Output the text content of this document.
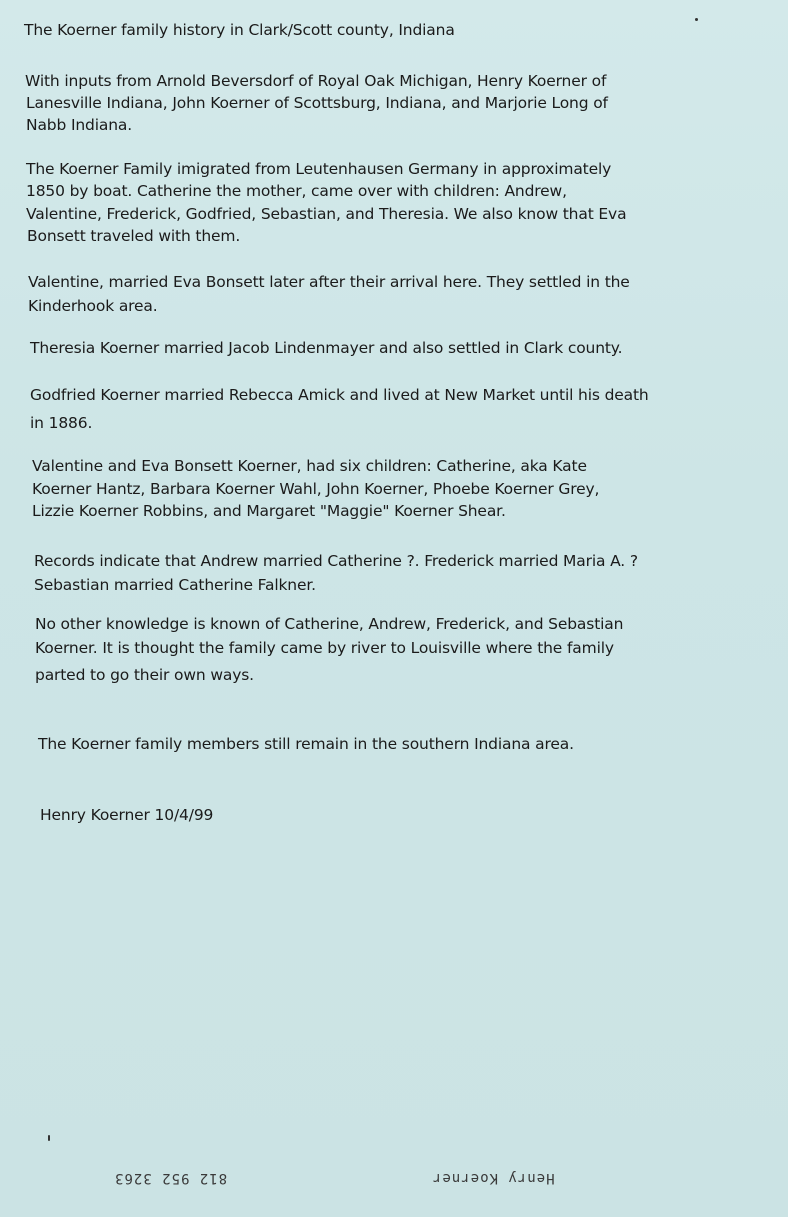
The Koerner family history in Clark/Scott county, Indiana
With inputs from Arnold Beversdorf of Royal Oak Michigan, Henry Koerner of
Lanesville Indiana, John Koerner of Scottsburg, Indiana, and Marjorie Long of
Nabb Indiana.
The Koerner Family imigrated from Leutenhausen Germany in approximately
1850 by boat. Catherine the mother, came over with children: Andrew,
Valentine, Frederick, Godfried, Sebastian, and Theresia. We also know that Eva
Bonsett traveled with them.
Valentine, married Eva Bonsett later after their arrival here. They settled in the
Kinderhook area.
Theresia Koerner married Jacob Lindenmayer and also settled in Clark county.
Godfried Koerner married Rebecca Amick and lived at New Market until his death
in 1886.
Valentine and Eva Bonsett Koerner, had six children: Catherine, aka Kate
Koerner Hantz, Barbara Koerner Wahl, John Koerner, Phoebe Koerner Grey,
Lizzie Koerner Robbins, and Margaret "Maggie" Koerner Shear.
Records indicate that Andrew married Catherine ?. Frederick married Maria A. ?
Sebastian married Catherine Falkner.
No other knowledge is known of Catherine, Andrew, Frederick, and Sebastian
Koerner. It is thought the family came by river to Louisville where the family
parted to go their own ways.
The Koerner family members still remain in the southern Indiana area.
Henry Koerner 10/4/99
812 952 3263	Henry Koerner
